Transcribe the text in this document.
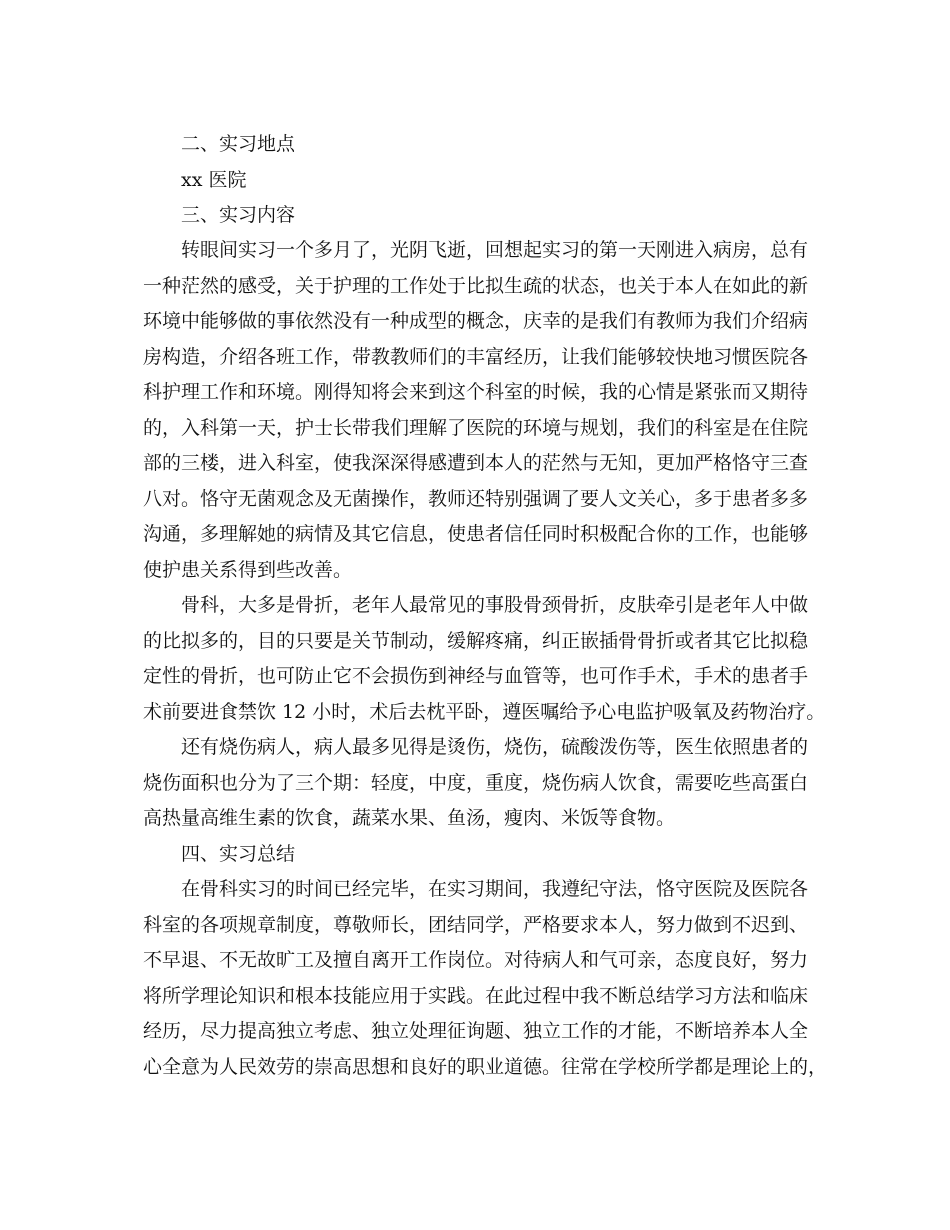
二、实习地点
xx 医院
三、实习内容
转眼间实习一个多月了，光阴飞逝，回想起实习的第一天刚进入病房，总有
一种茫然的感受，关于护理的工作处于比拟生疏的状态，也关于本人在如此的新
环境中能够做的事依然没有一种成型的概念，庆幸的是我们有教师为我们介绍病
房构造，介绍各班工作，带教教师们的丰富经历，让我们能够较快地习惯医院各
科护理工作和环境。刚得知将会来到这个科室的时候，我的心情是紧张而又期待
的，入科第一天，护士长带我们理解了医院的环境与规划，我们的科室是在住院
部的三楼，进入科室，使我深深得感遭到本人的茫然与无知，更加严格恪守三查
八对。恪守无菌观念及无菌操作，教师还特别强调了要人文关心，多于患者多多
沟通，多理解她的病情及其它信息，使患者信任同时积极配合你的工作，也能够
使护患关系得到些改善。
骨科，大多是骨折，老年人最常见的事股骨颈骨折，皮肤牵引是老年人中做
的比拟多的，目的只要是关节制动，缓解疼痛，纠正嵌插骨骨折或者其它比拟稳
定性的骨折，也可防止它不会损伤到神经与血管等，也可作手术，手术的患者手
术前要进食禁饮 12 小时，术后去枕平卧，遵医嘱给予心电监护吸氧及药物治疗。
还有烧伤病人，病人最多见得是烫伤，烧伤，硫酸泼伤等，医生依照患者的
烧伤面积也分为了三个期：轻度，中度，重度，烧伤病人饮食，需要吃些高蛋白
高热量高维生素的饮食，蔬菜水果、鱼汤，瘦肉、米饭等食物。
四、实习总结
在骨科实习的时间已经完毕，在实习期间，我遵纪守法，恪守医院及医院各
科室的各项规章制度，尊敬师长，团结同学，严格要求本人，努力做到不迟到、
不早退、不无故旷工及擅自离开工作岗位。对待病人和气可亲，态度良好，努力
将所学理论知识和根本技能应用于实践。在此过程中我不断总结学习方法和临床
经历，尽力提高独立考虑、独立处理征询题、独立工作的才能，不断培养本人全
心全意为人民效劳的崇高思想和良好的职业道德。往常在学校所学都是理论上的，
